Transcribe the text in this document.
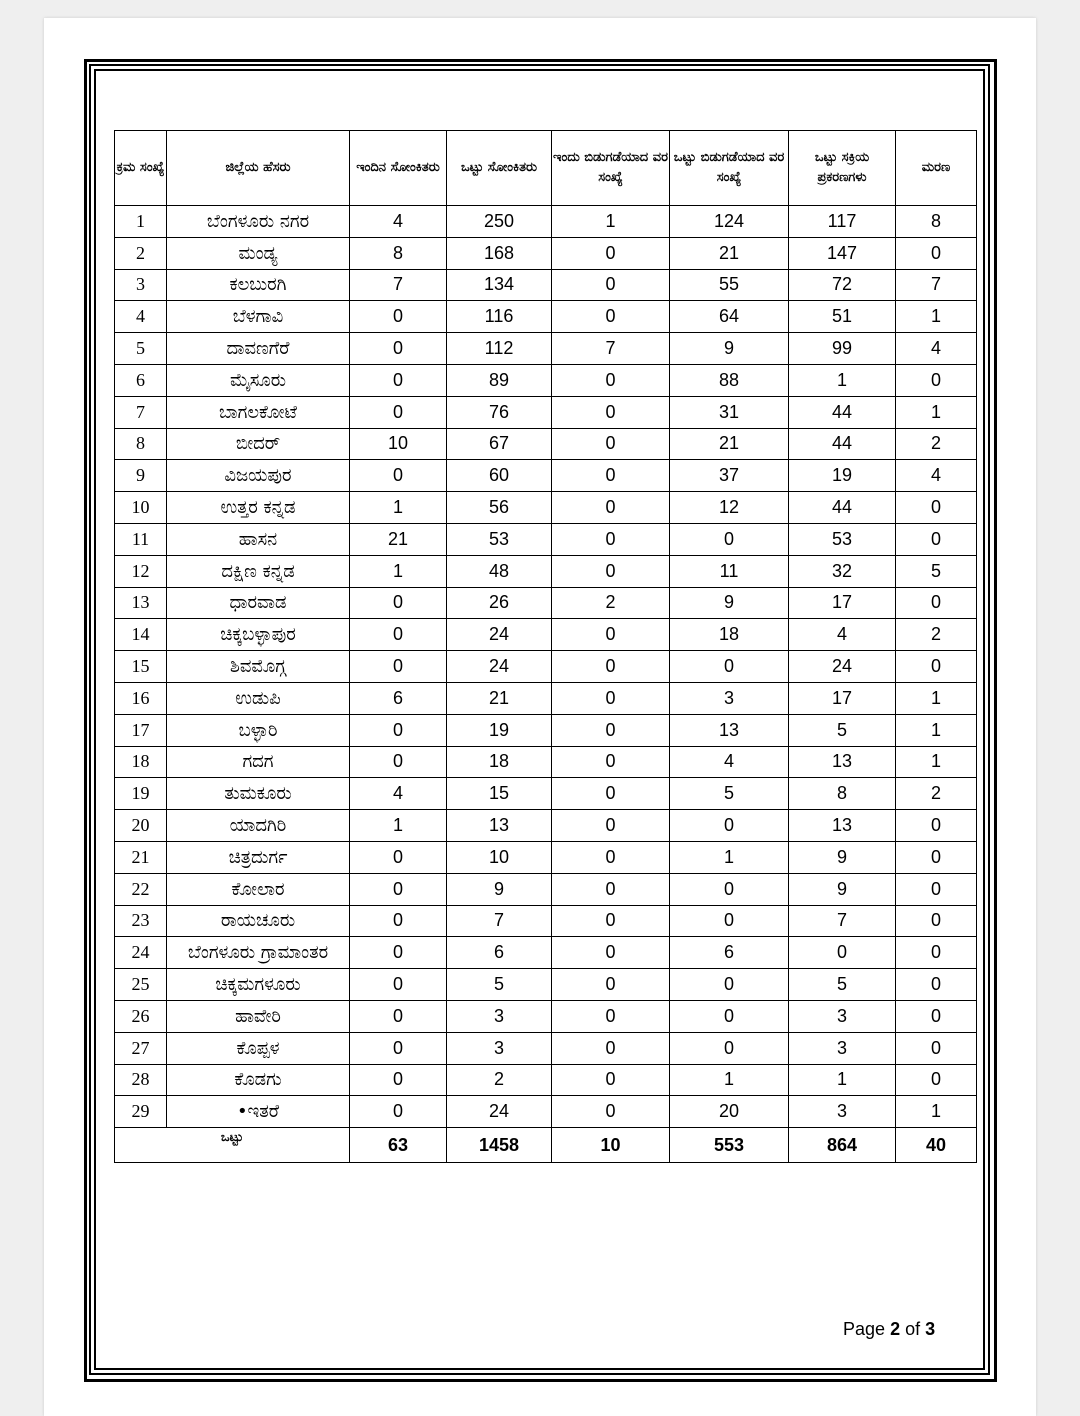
ಕ್ರಮ ಸಂಖ್ಯೆ	ಜಿಲ್ಲೆಯ ಹೆಸರು	ಇಂದಿನ ಸೋಂಕಿತರು	ಒಟ್ಟು ಸೋಂಕಿತರು	ಇಂದು ಬಿಡುಗಡೆಯಾದ ವರ ಸಂಖ್ಯೆ	ಒಟ್ಟು ಬಿಡುಗಡೆಯಾದ ವರ ಸಂಖ್ಯೆ	ಒಟ್ಟು ಸಕ್ರಿಯ ಪ್ರಕರಣಗಳು	ಮರಣ
1	ಬೆಂಗಳೂರು ನಗರ	4	250	1	124	117	8
2	ಮಂಡ್ಯ	8	168	0	21	147	0
3	ಕಲಬುರಗಿ	7	134	0	55	72	7
4	ಬೆಳಗಾವಿ	0	116	0	64	51	1
5	ದಾವಣಗೆರೆ	0	112	7	9	99	4
6	ಮೈಸೂರು	0	89	0	88	1	0
7	ಬಾಗಲಕೋಟೆ	0	76	0	31	44	1
8	ಬೀದರ್	10	67	0	21	44	2
9	ವಿಜಯಪುರ	0	60	0	37	19	4
10	ಉತ್ತರ ಕನ್ನಡ	1	56	0	12	44	0
11	ಹಾಸನ	21	53	0	0	53	0
12	ದಕ್ಷಿಣ ಕನ್ನಡ	1	48	0	11	32	5
13	ಧಾರವಾಡ	0	26	2	9	17	0
14	ಚಿಕ್ಕಬಳ್ಳಾಪುರ	0	24	0	18	4	2
15	ಶಿವಮೊಗ್ಗ	0	24	0	0	24	0
16	ಉಡುಪಿ	6	21	0	3	17	1
17	ಬಳ್ಳಾರಿ	0	19	0	13	5	1
18	ಗದಗ	0	18	0	4	13	1
19	ತುಮಕೂರು	4	15	0	5	8	2
20	ಯಾದಗಿರಿ	1	13	0	0	13	0
21	ಚಿತ್ರದುರ್ಗ	0	10	0	1	9	0
22	ಕೋಲಾರ	0	9	0	0	9	0
23	ರಾಯಚೂರು	0	7	0	0	7	0
24	ಬೆಂಗಳೂರು ಗ್ರಾಮಾಂತರ	0	6	0	6	0	0
25	ಚಿಕ್ಕಮಗಳೂರು	0	5	0	0	5	0
26	ಹಾವೇರಿ	0	3	0	0	3	0
27	ಕೊಪ್ಪಳ	0	3	0	0	3	0
28	ಕೊಡಗು	0	2	0	1	1	0
29	•ಇತರೆ	0	24	0	20	3	1
ಒಟ್ಟು		63	1458	10	553	864	40
Page 2 of 3
